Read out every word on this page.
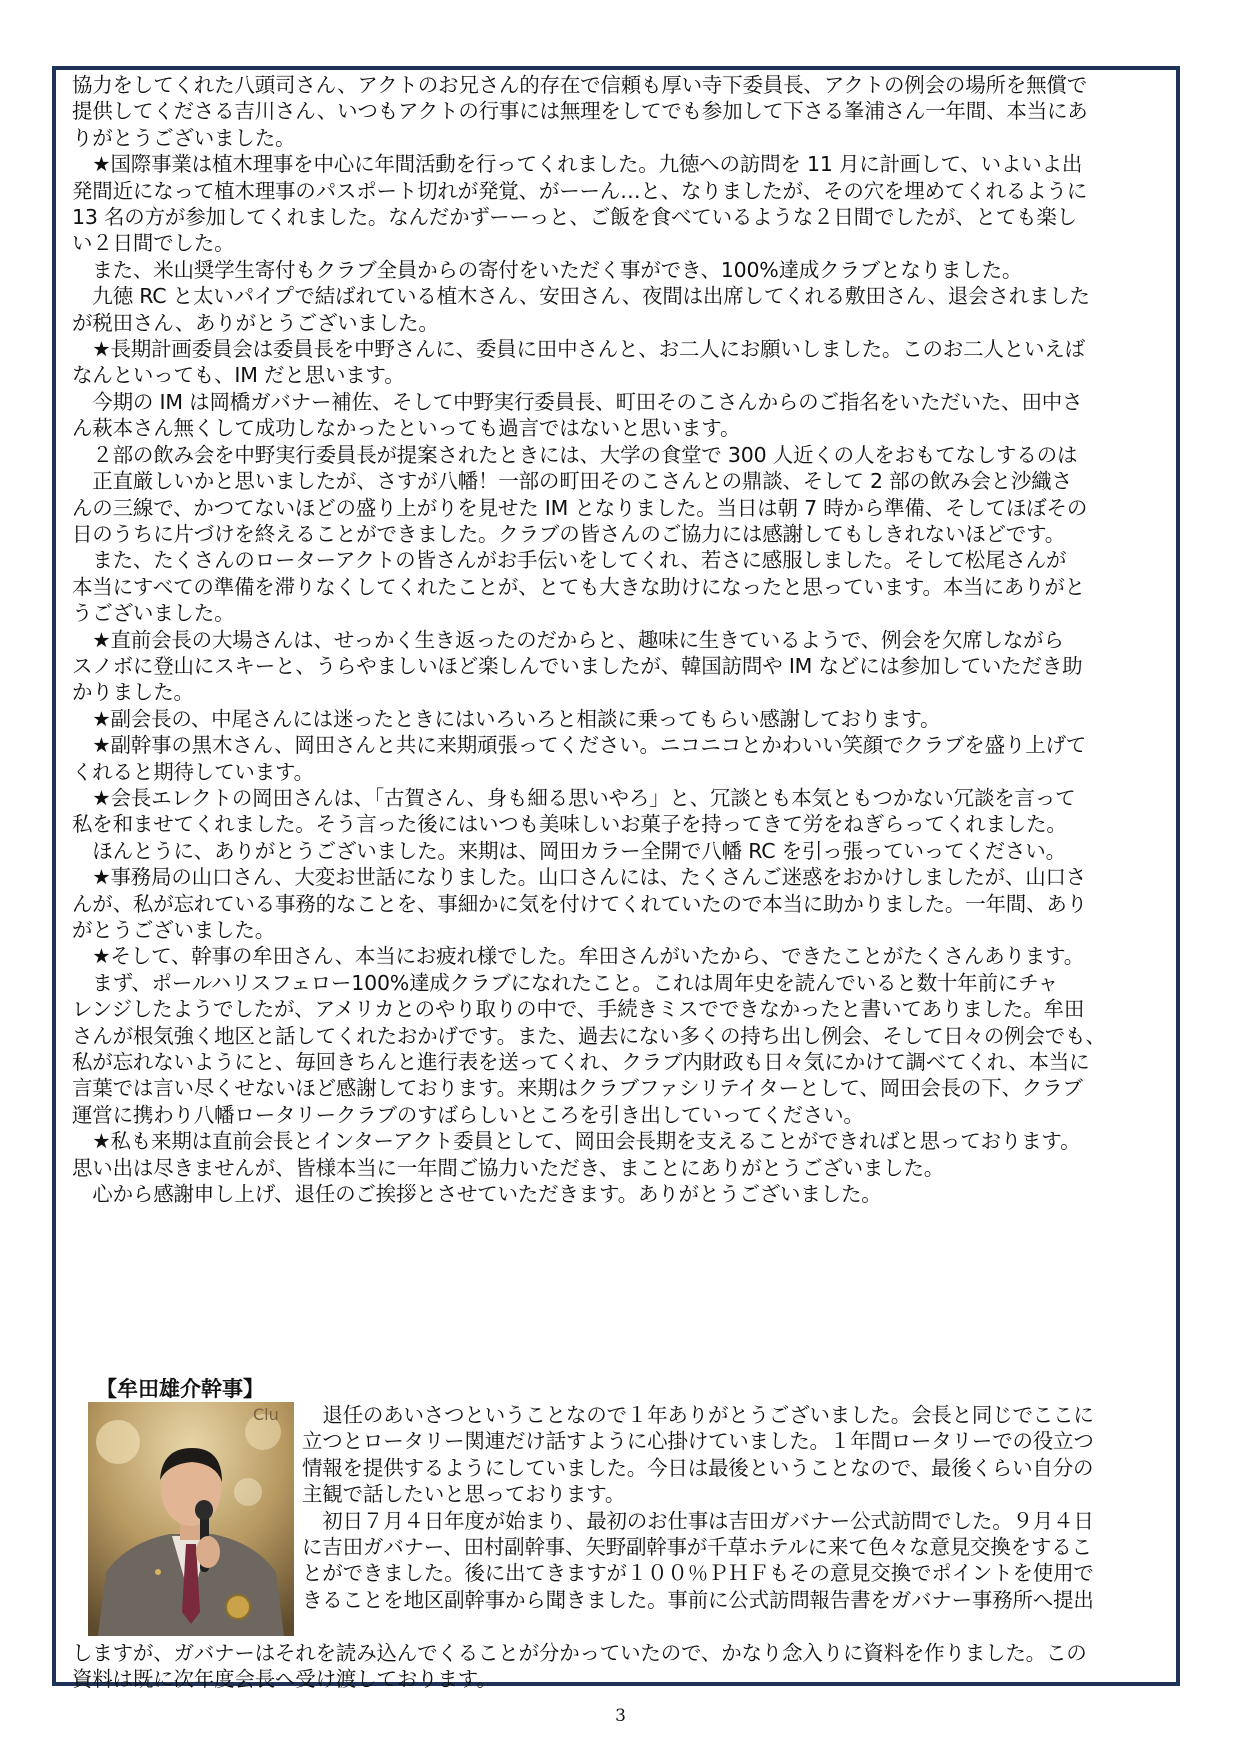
協力をしてくれた八頭司さん、アクトのお兄さん的存在で信頼も厚い寺下委員長、アクトの例会の場所を無償で

提供してくださる吉川さん、いつもアクトの行事には無理をしてでも参加して下さる峯浦さん一年間、本当にあ

りがとうございました。

　★国際事業は植木理事を中心に年間活動を行ってくれました。九徳への訪問を 11 月に計画して、いよいよ出

発間近になって植木理事のパスポート切れが発覚、がーーん…と、なりましたが、その穴を埋めてくれるように

13 名の方が参加してくれました。なんだかずーーっと、ご飯を食べているような２日間でしたが、とても楽し

い２日間でした。

　また、米山奨学生寄付もクラブ全員からの寄付をいただく事ができ、100%達成クラブとなりました。

　九徳 RC と太いパイプで結ばれている植木さん、安田さん、夜間は出席してくれる敷田さん、退会されました

が税田さん、ありがとうございました。

　★長期計画委員会は委員長を中野さんに、委員に田中さんと、お二人にお願いしました。このお二人といえば

なんといっても、IM だと思います。

　今期の IM は岡橋ガバナー補佐、そして中野実行委員長、町田そのこさんからのご指名をいただいた、田中さ

ん萩本さん無くして成功しなかったといっても過言ではないと思います。

　２部の飲み会を中野実行委員長が提案されたときには、大学の食堂で 300 人近くの人をおもてなしするのは

　正直厳しいかと思いましたが、さすが八幡！一部の町田そのこさんとの鼎談、そして 2 部の飲み会と沙織さ

んの三線で、かつてないほどの盛り上がりを見せた IM となりました。当日は朝 7 時から準備、そしてほぼその

日のうちに片づけを終えることができました。クラブの皆さんのご協力には感謝してもしきれないほどです。

　また、たくさんのローターアクトの皆さんがお手伝いをしてくれ、若さに感服しました。そして松尾さんが

本当にすべての準備を滞りなくしてくれたことが、とても大きな助けになったと思っています。本当にありがと

うございました。

　★直前会長の大場さんは、せっかく生き返ったのだからと、趣味に生きているようで、例会を欠席しながら

スノボに登山にスキーと、うらやましいほど楽しんでいましたが、韓国訪問や IM などには参加していただき助

かりました。

　★副会長の、中尾さんには迷ったときにはいろいろと相談に乗ってもらい感謝しております。

　★副幹事の黒木さん、岡田さんと共に来期頑張ってください。ニコニコとかわいい笑顔でクラブを盛り上げて

くれると期待しています。

　★会長エレクトの岡田さんは、「古賀さん、身も細る思いやろ」と、冗談とも本気ともつかない冗談を言って

私を和ませてくれました。そう言った後にはいつも美味しいお菓子を持ってきて労をねぎらってくれました。

　ほんとうに、ありがとうございました。来期は、岡田カラー全開で八幡 RC を引っ張っていってください。

　★事務局の山口さん、大変お世話になりました。山口さんには、たくさんご迷惑をおかけしましたが、山口さ

んが、私が忘れている事務的なことを、事細かに気を付けてくれていたので本当に助かりました。一年間、あり

がとうございました。

　★そして、幹事の牟田さん、本当にお疲れ様でした。牟田さんがいたから、できたことがたくさんあります。

　まず、ポールハリスフェロー100%達成クラブになれたこと。これは周年史を読んでいると数十年前にチャ

レンジしたようでしたが、アメリカとのやり取りの中で、手続きミスでできなかったと書いてありました。牟田

さんが根気強く地区と話してくれたおかげです。また、過去にない多くの持ち出し例会、そして日々の例会でも、

私が忘れないようにと、毎回きちんと進行表を送ってくれ、クラブ内財政も日々気にかけて調べてくれ、本当に

言葉では言い尽くせないほど感謝しております。来期はクラブファシリテイターとして、岡田会長の下、クラブ

運営に携わり八幡ロータリークラブのすばらしいところを引き出していってください。

　★私も来期は直前会長とインターアクト委員として、岡田会長期を支えることができればと思っております。

思い出は尽きませんが、皆様本当に一年間ご協力いただき、まことにありがとうございました。

　心から感謝申し上げ、退任のご挨拶とさせていただきます。ありがとうございました。

【牟田雄介幹事】
Clu 　退任のあいさつということなので１年ありがとうございました。会長と同じでここに

立つとロータリー関連だけ話すように心掛けていました。１年間ロータリーでの役立つ

情報を提供するようにしていました。今日は最後ということなので、最後くらい自分の

主観で話したいと思っております。

　初日７月４日年度が始まり、最初のお仕事は吉田ガバナー公式訪問でした。９月４日

に吉田ガバナー、田村副幹事、矢野副幹事が千草ホテルに来て色々な意見交換をするこ

とができました。後に出てきますが１００％ＰＨＦもその意見交換でポイントを使用で

きることを地区副幹事から聞きました。事前に公式訪問報告書をガバナー事務所へ提出

しますが、ガバナーはそれを読み込んでくることが分かっていたので、かなり念入りに資料を作りました。この

資料は既に次年度会長へ受け渡しております。

3
